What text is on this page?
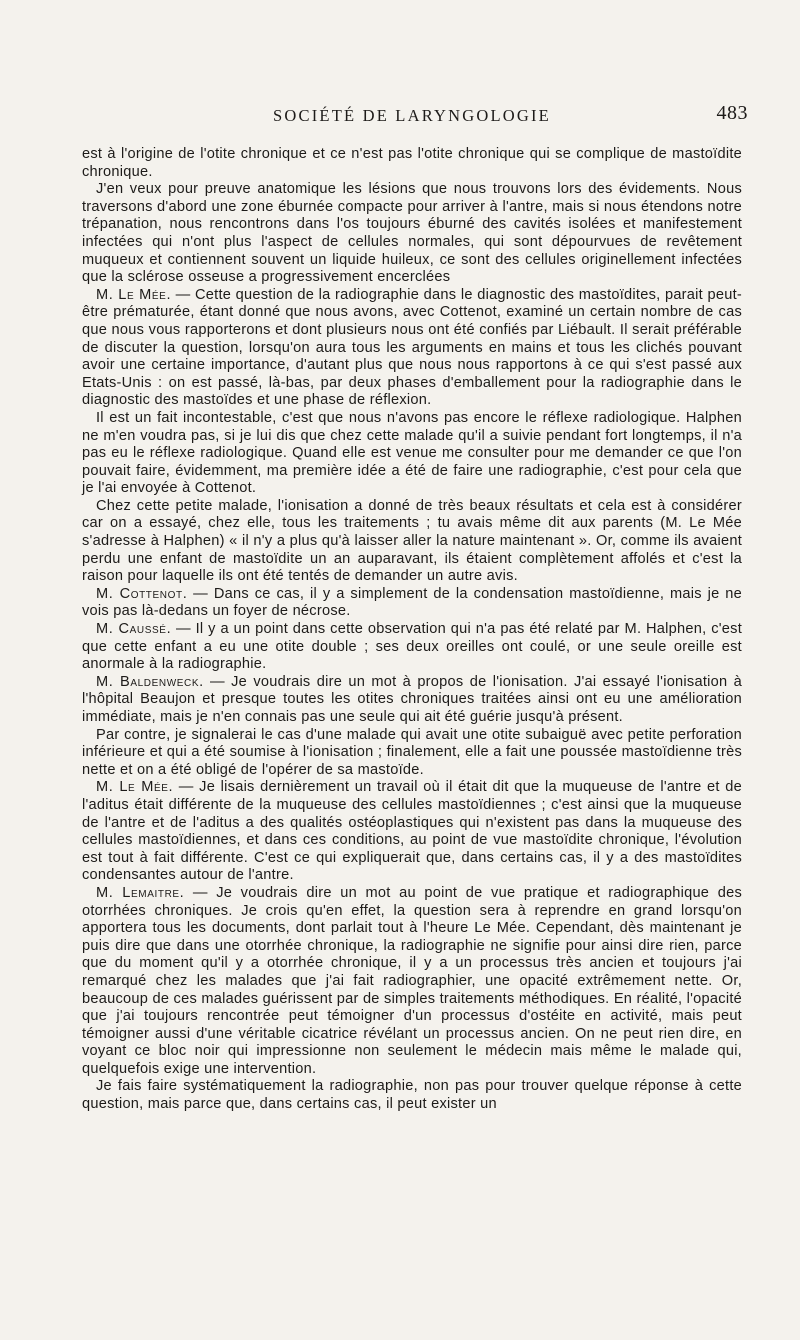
SOCIÉTÉ DE LARYNGOLOGIE	483

est à l'origine de l'otite chronique et ce n'est pas l'otite chronique qui se complique de mastoïdite chronique.

J'en veux pour preuve anatomique les lésions que nous trouvons lors des évidements. Nous traversons d'abord une zone éburnée compacte pour arriver à l'antre, mais si nous étendons notre trépanation, nous rencontrons dans l'os toujours éburné des cavités isolées et manifestement infectées qui n'ont plus l'aspect de cellules normales, qui sont dépourvues de revêtement muqueux et contiennent souvent un liquide huileux, ce sont des cellules originellement infectées que la sclérose osseuse a progressivement encerclées

M. Le Mée. — Cette question de la radiographie dans le diagnostic des mastoïdites, parait peut-être prématurée, étant donné que nous avons, avec Cottenot, examiné un certain nombre de cas que nous vous rapporterons et dont plusieurs nous ont été confiés par Liébault. Il serait préférable de discuter la question, lorsqu'on aura tous les arguments en mains et tous les clichés pouvant avoir une certaine importance, d'autant plus que nous nous rapportons à ce qui s'est passé aux Etats-Unis : on est passé, là-bas, par deux phases d'emballement pour la radiographie dans le diagnostic des mastoïdes et une phase de réflexion.

Il est un fait incontestable, c'est que nous n'avons pas encore le réflexe radiologique. Halphen ne m'en voudra pas, si je lui dis que chez cette malade qu'il a suivie pendant fort longtemps, il n'a pas eu le réflexe radiologique. Quand elle est venue me consulter pour me demander ce que l'on pouvait faire, évidemment, ma première idée a été de faire une radiographie, c'est pour cela que je l'ai envoyée à Cottenot.

Chez cette petite malade, l'ionisation a donné de très beaux résultats et cela est à considérer car on a essayé, chez elle, tous les traitements ; tu avais même dit aux parents (M. Le Mée s'adresse à Halphen) « il n'y a plus qu'à laisser aller la nature maintenant ». Or, comme ils avaient perdu une enfant de mastoïdite un an auparavant, ils étaient complètement affolés et c'est la raison pour laquelle ils ont été tentés de demander un autre avis.

M. Cottenot. — Dans ce cas, il y a simplement de la condensation mastoïdienne, mais je ne vois pas là-dedans un foyer de nécrose.

M. Caussé. — Il y a un point dans cette observation qui n'a pas été relaté par M. Halphen, c'est que cette enfant a eu une otite double ; ses deux oreilles ont coulé, or une seule oreille est anormale à la radiographie.

M. Baldenweck. — Je voudrais dire un mot à propos de l'ionisation. J'ai essayé l'ionisation à l'hôpital Beaujon et presque toutes les otites chroniques traitées ainsi ont eu une amélioration immédiate, mais je n'en connais pas une seule qui ait été guérie jusqu'à présent.

Par contre, je signalerai le cas d'une malade qui avait une otite subaiguë avec petite perforation inférieure et qui a été soumise à l'ionisation ; finalement, elle a fait une poussée mastoïdienne très nette et on a été obligé de l'opérer de sa mastoïde.

M. Le Mée. — Je lisais dernièrement un travail où il était dit que la muqueuse de l'antre et de l'aditus était différente de la muqueuse des cellules mastoïdiennes ; c'est ainsi que la muqueuse de l'antre et de l'aditus a des qualités ostéoplastiques qui n'existent pas dans la muqueuse des cellules mastoïdiennes, et dans ces conditions, au point de vue mastoïdite chronique, l'évolution est tout à fait différente. C'est ce qui expliquerait que, dans certains cas, il y a des mastoïdites condensantes autour de l'antre.

M. Lemaitre. — Je voudrais dire un mot au point de vue pratique et radiographique des otorrhées chroniques. Je crois qu'en effet, la question sera à reprendre en grand lorsqu'on apportera tous les documents, dont parlait tout à l'heure Le Mée. Cependant, dès maintenant je puis dire que dans une otorrhée chronique, la radiographie ne signifie pour ainsi dire rien, parce que du moment qu'il y a otorrhée chronique, il y a un processus très ancien et toujours j'ai remarqué chez les malades que j'ai fait radiographier, une opacité extrêmement nette. Or, beaucoup de ces malades guérissent par de simples traitements méthodiques. En réalité, l'opacité que j'ai toujours rencontrée peut témoigner d'un processus d'ostéite en activité, mais peut témoigner aussi d'une véritable cicatrice révélant un processus ancien. On ne peut rien dire, en voyant ce bloc noir qui impressionne non seulement le médecin mais même le malade qui, quelquefois exige une intervention.

Je fais faire systématiquement la radiographie, non pas pour trouver quelque réponse à cette question, mais parce que, dans certains cas, il peut exister un
